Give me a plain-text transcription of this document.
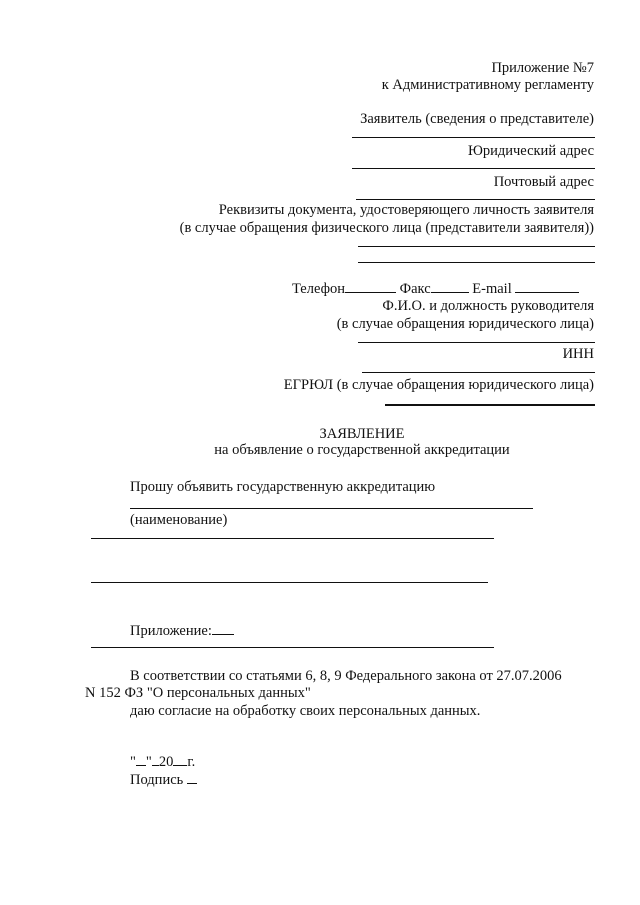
Приложение №7
к Административному регламенту
Заявитель (сведения о представителе)
Юридический адрес
Почтовый адрес
Реквизиты документа, удостоверяющего личность заявителя
(в случае обращения физического лица (представители заявителя))
Телефон	Факс	E-mail
Ф.И.О. и должность руководителя
(в случае обращения юридического лица)
ИНН
ЕГРЮЛ (в случае обращения юридического лица)
ЗАЯВЛЕНИЕ
на объявление о государственной аккредитации
Прошу объявить государственную аккредитацию
(наименование)
Приложение:
В соответствии со статьями 6, 8, 9 Федерального закона от 27.07.2006
N 152 ФЗ "О персональных данных"
даю согласие на обработку своих персональных данных.
" " 20 г.
Подпись
